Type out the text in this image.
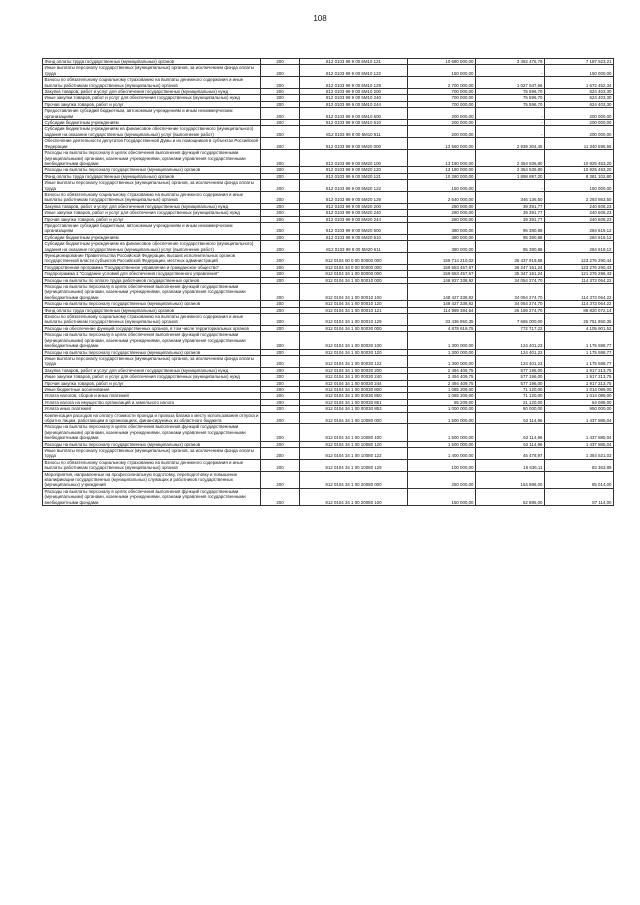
108
Фонд оплаты труда государственных (муниципальных) органов	200	812 0103 99 9 00 5М10 121	10 680 000,00	3 492 476,79	7 187 523,21
Иные выплаты персоналу государственных (муниципальных) органов, за исключением фонда оплаты труда	200	812 0103 99 9 00 5М10 122	150 000,00	-	150 000,00
Взносы по обязательному социальному страхованию на выплаты денежного содержания и иные выплаты работникам государственных (муниципальных) органов	200	812 0103 99 9 00 5М10 129	2 700 000,00	1 027 547,66	1 672 452,34
Закупка товаров, работ и услуг для обеспечения государственных (муниципальных) нужд	200	812 0103 99 9 00 5М10 200	700 000,00	75 596,70	624 403,30
Иные закупки товаров, работ и услуг для обеспечения государственных (муниципальных) нужд	200	812 0103 99 9 00 5М10 240	700 000,00	75 596,70	624 403,30
Прочая закупка товаров, работ и услуг	200	812 0103 99 9 00 5М10 244	700 000,00	75 596,70	624 403,30
Предоставление субсидий бюджетным, автономным учреждениям и иным некоммерческим организациям	200	812 0103 99 9 00 5М10 600	200 000,00	-	200 000,00
Субсидии бюджетным учреждениям	200	812 0103 99 9 00 5М10 610	200 000,00	-	200 000,00
Субсидии бюджетным учреждениям на финансовое обеспечение государственного (муниципального) задания на оказание государственных (муниципальных) услуг (выполнение работ)	200	812 0103 99 9 00 5М10 611	200 000,00	-	200 000,00
Обеспечение деятельности депутатов Государственной Думы и их помощников в субъектах Российской Федерации	200	812 0103 99 9 00 5М20 000	13 560 000,00	2 939 304,45	11 340 695,55
Расходы на выплаты персоналу в целях обеспечения выполнения функций государственными (муниципальными) органами, казенными учреждениями, органами управления государственными внебюджетными фондами	200	812 0103 99 9 00 5М20 100	13 180 000,00	2 354 536,80	10 825 463,20
Расходы на выплаты персоналу государственных (муниципальных) органов	200	812 0103 99 9 00 5М20 120	13 180 000,00	2 354 536,80	10 825 463,20
Фонд оплаты труда государственных (муниципальных) органов	200	812 0103 99 9 00 5М20 121	10 280 000,00	1 898 897,20	8 381 102,80
Иные выплаты персоналу государственных (муниципальных) органов, за исключением фонда оплаты труда	200	812 0103 99 9 00 5М20 122	150 000,00	-	150 000,00
Взносы по обязательному социальному страхованию на выплаты денежного содержания и иные выплаты работникам государственных (муниципальных) органов	200	812 0103 99 9 00 5М20 129	2 640 000,00	346 136,50	2 293 863,50
Закупка товаров, работ и услуг для обеспечения государственных (муниципальных) нужд	200	812 0103 99 9 00 5М20 200	280 000,00	39 391,77	240 608,23
Иные закупки товаров, работ и услуг для обеспечения государственных (муниципальных) нужд	200	812 0103 99 9 00 5М20 240	280 000,00	39 391,77	240 608,23
Прочая закупка товаров, работ и услуг	200	812 0103 99 9 00 5М20 244	280 000,00	39 391,77	240 608,23
Предоставление субсидий бюджетным, автономным учреждениям и иным некоммерческим организациям	200	812 0103 99 9 00 5М20 600	380 000,00	95 380,88	284 619,12
Субсидии бюджетным учреждениям	200	812 0103 99 9 00 5М20 610	380 000,00	95 380,88	284 619,12
Субсидии бюджетным учреждениям на финансовое обеспечение государственного (муниципального) задания на оказание государственных (муниципальных) услуг (выполнение работ)	200	812 0103 99 9 00 5М20 611	380 000,00	95 380,88	284 619,12
Функционирование Правительства Российской Федерации, высших исполнительных органов государственной власти субъектов Российской Федерации, местных администраций	200	812 0104 00 0 00 00000 000	159 714 210,02	36 437 919,58	123 276 290,44
Государственная программа "Государственное управление и гражданское общество"	200	812 0104 34 0 00 00000 000	159 553 457,67	36 247 161,24	123 276 290,43
Подпрограмма 1 "Создание условий для обеспечения государственного управления"	200	812 0104 34 1 00 00000 000	159 553 457,67	35 347 161,24	121 276 296,43
Расходы на выплаты по оплате труда работников государственных органов	200	812 0104 34 1 00 00010 000	148 927 338,92	34 054 274,70	114 373 064,22
Расходы на выплаты персоналу в целях обеспечения выполнения функций государственными (муниципальными) органами, казенными учреждениями, органами управления государственными внебюджетными фондами	200	812 0104 34 1 00 00010 100	148 427 338,92	34 054 274,70	114 373 064,22
Расходы на выплаты персоналу государственных (муниципальных) органов	200	812 0104 34 1 00 00010 120	148 427 338,92	34 054 274,70	114 373 064,22
Фонд оплаты труда государственных (муниципальных) органов	200	812 0104 34 1 00 00010 121	114 989 384,64	26 169 274,70	88 820 072,14
Взносы по обязательному социальному страхованию на выплаты денежного содержания и иные выплаты работникам государственных (муниципальных) органов	200	812 0104 34 1 00 00010 129	33 436 950,35	7 665 000,00	25 751 950,35
Расходы на обеспечение функций государственных органов, в том числе территориальных органов	200	812 0104 34 1 00 00030 000	4 878 618,75	772 717,23	4 105 901,52
Расходы на выплаты персоналу в целях обеспечения выполнения функций государственными (муниципальными) органами, казенными учреждениями, органами управления государственными внебюджетными фондами	200	812 0104 34 1 00 00030 100	1 300 000,00	124 401,23	1 175 598,77
Расходы на выплаты персоналу государственных (муниципальных) органов	200	812 0104 34 1 00 00030 120	1 300 000,00	124 401,23	1 175 598,77
Иные выплаты персоналу государственных (муниципальных) органов, за исключением фонда оплаты труда	200	812 0104 34 1 00 00030 122	1 300 000,00	124 401,23	1 175 598,77
Закупка товаров, работ и услуг для обеспечения государственных (муниципальных) нужд	200	812 0104 34 1 00 00030 200	2 494 409,75	577 196,00	1 917 213,75
Иные закупки товаров, работ и услуг для обеспечения государственных (муниципальных) нужд	200	812 0104 34 1 00 00030 240	2 494 409,75	577 196,00	1 917 213,75
Прочая закупка товаров, работ и услуг	200	812 0104 34 1 00 00030 244	2 494 409,75	577 196,00	1 917 213,75
Иные бюджетные ассигнования	200	812 0104 34 1 00 00030 800	1 085 209,00	71 120,00	1 014 089,00
Уплата налогов, сборов и иных платежей	200	812 0104 34 1 00 00030 850	1 085 209,00	71 120,00	1 014 089,00
Уплата налога на имущество организаций и земельного налога	200	812 0104 34 1 00 00030 851	85 209,00	21 120,00	64 089,00
Уплата иных платежей	200	812 0104 34 1 00 00030 853	1 000 000,00	50 000,00	950 000,00
Компенсация расходов на оплату стоимости проезда и провоза багажа к месту использования отпуска и обратно лицам, работающим в организациях, финансируемых из областного бюджета	200	812 0104 34 1 00 10080 000	1 500 000,00	62 114,96	1 437 885,04
Расходы на выплаты персоналу в целях обеспечения выполнения функций государственными (муниципальными) органами, казенными учреждениями, органами управления государственными внебюджетными фондами	200	812 0104 34 1 00 10080 100	1 500 000,00	62 114,96	1 437 885,04
Расходы на выплаты персоналу государственных (муниципальных) органов	200	812 0104 34 1 00 10080 120	1 500 000,00	62 114,96	1 437 885,04
Иные выплаты персоналу государственных (муниципальных) органов, за исключением фонда оплаты труда	200	812 0104 34 1 00 10080 122	1 400 000,00	45 478,97	1 354 521,03
Взносы по обязательному социальному страхованию на выплаты денежного содержания и иные выплаты работникам государственных (муниципальных) органов	200	812 0104 34 1 00 10080 129	100 000,00	16 636,11	83 363,89
Мероприятия, направленные на профессиональную подготовку, переподготовку и повышение квалификации государственных (муниципальных) служащих и работников государственных (муниципальных) учреждений	200	812 0104 34 1 00 20080 000	250 000,00	164 986,00	85 014,00
Расходы на выплаты персоналу в целях обеспечения выполнения функций государственными (муниципальными) органами, казенными учреждениями, органами управления государственными внебюджетными фондами	200	812 0104 34 1 00 20080 100	150 000,00	62 886,00	87 114,00
